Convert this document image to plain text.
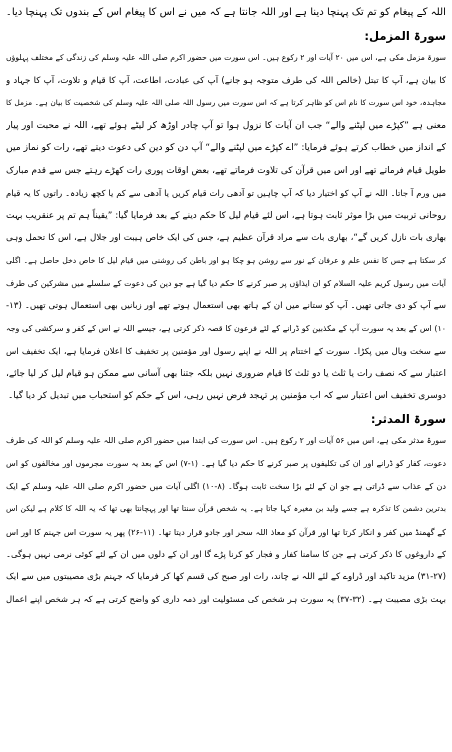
اللہ کے پیغام کو تم تک پہنچا دینا ہے اور اللہ جانتا ہے کہ میں نے اس کا پیغام اس کے بندوں تک پہنچا دیا۔
سورۃ المزمل:
سورۃ مزمل مکی ہے، اس میں ۲۰ آیات اور ۲ رکوع ہیں۔ اس سورت میں حضور اکرم صلی اللہ علیہ وسلم کی زندگی کے مختلف پہلوؤں
کا بیان ہے، آپ کا تبتل (خالص اللہ کی طرف متوجہ ہو جانے) آپ کی عبادت، اطاعت، آپ کا قیام و تلاوت، آپ کا جہاد و
مجاہدہ، خود اس سورت کا نام اس کو ظاہر کرتا ہے کہ اس سورت میں رسول اللہ صلی اللہ علیہ وسلم کی شخصیت کا بیان ہے۔ مزمل کا
معنی ہے ”کپڑے میں لپٹنے والے“ جب ان آیات کا نزول ہوا تو آپ چادر اوڑھ کر لیٹے ہوئے تھے، اللہ نے محبت اور پیار
کے انداز میں خطاب کرتے ہوئے فرمایا: ”اے کپڑے میں لپٹنے والے“ آپ دن کو دین کی دعوت دیتے تھے، رات کو نماز میں
طویل قیام فرماتے تھے اور اس میں قرآن کی تلاوت فرماتے تھے، بعض اوقات پوری رات کھڑے رہتے جس سے قدم مبارک
میں ورم آ جاتا۔ اللہ نے آپ کو اختیار دیا کہ آپ چاہیں تو آدھی رات قیام کریں یا آدھی سے کم یا کچھ زیادہ۔ راتوں کا یہ قیام
روحانی تربیت میں بڑا موثر ثابت ہوتا ہے، اس لئے قیام لیل کا حکم دینے کے بعد فرمایا گیا: ”یقیناً ہم تم پر عنقریب بہت
بھاری بات نازل کریں گے“، بھاری بات سے مراد قرآن عظیم ہے، جس کی ایک خاص ہیبت اور جلال ہے، اس کا تحمل وہی
کر سکتا ہے جس کا نفس علم و عرفان کے نور سے روشن ہو چکا ہو اور باطن کی روشنی میں قیام لیل کا خاص دخل حاصل ہے۔ اگلی
آیات میں رسول کریم علیہ السلام کو ان ایذاؤں پر صبر کرنے کا حکم دیا گیا ہے جو دین کی دعوت کے سلسلے میں مشرکین کی طرف
سے آپ کو دی جاتی تھیں۔ آپ کو ستانے میں ان کے ہاتھ بھی استعمال ہوتے تھے اور زبانیں بھی استعمال ہوتی تھیں۔ (۱۳-
۱۰) اس کے بعد یہ سورت آپ کے مکذبین کو ڈرانے کے لئے فرعون کا قصہ ذکر کرتی ہے، جیسے اللہ نے اس کے کفر و سرکشی کی وجہ
سے سخت وبال میں پکڑا۔ سورت کے اختتام پر اللہ نے اپنے رسول اور مؤمنین پر تخفیف کا اعلان فرمایا ہے، ایک تخفیف اس
اعتبار سے کہ نصف رات یا ثلث یا دو ثلث کا قیام ضروری نہیں بلکہ جتنا بھی آسانی سے ممکن ہو قیام لیل کر لیا جائے،
دوسری تخفیف اس اعتبار سے کہ اب مؤمنین پر تہجد فرض نہیں رہی، اس کے حکم کو استحباب میں تبدیل کر دیا گیا۔
سورۃ المدثر:
سورۃ مدثر مکی ہے، اس میں ۵۶ آیات اور ۲ رکوع ہیں۔ اس سورت کی ابتدا میں حضور اکرم صلی اللہ علیہ وسلم کو اللہ کی طرف
دعوت، کفار کو ڈرانے اور ان کی تکلیفوں پر صبر کرنے کا حکم دیا گیا ہے۔ (۱-۷) اس کے بعد یہ سورت مجرموں اور مخالفوں کو اس
دن کے عذاب سے ڈراتی ہے جو ان کے لئے بڑا سخت ثابت ہوگا۔ (۸-۱۰) اگلی آیات میں حضور اکرم صلی اللہ علیہ وسلم کے ایک
بدترین دشمن کا تذکرہ ہے جسے ولید بن مغیرہ کہا جاتا ہے۔ یہ شخص قرآن سنتا تھا اور پہچانتا بھی تھا کہ یہ اللہ کا کلام ہے لیکن اس
کے گھمنڈ میں کفر و انکار کرتا تھا اور قرآن کو معاذ اللہ سحر اور جادو قرار دیتا تھا۔ (۱۱-۲۶) پھر یہ سورت اس جہنم کا اور اس
کے داروغوں کا ذکر کرتی ہے جن کا سامنا کفار و فجار کو کرنا پڑے گا اور ان کے دلوں میں ان کے لئے کوئی نرمی نہیں ہوگی۔
(۳۱-۲۷) مزید تاکید اور ڈراوے کے لئے اللہ نے چاند، رات اور صبح کی قسم کھا کر فرمایا کہ جہنم بڑی مصیبتوں میں سے ایک
بہت بڑی مصیبت ہے۔ (۳۲-۳۷) یہ سورت ہر شخص کی مسئولیت اور ذمہ داری کو واضح کرتی ہے کہ ہر شخص اپنے اعمال
